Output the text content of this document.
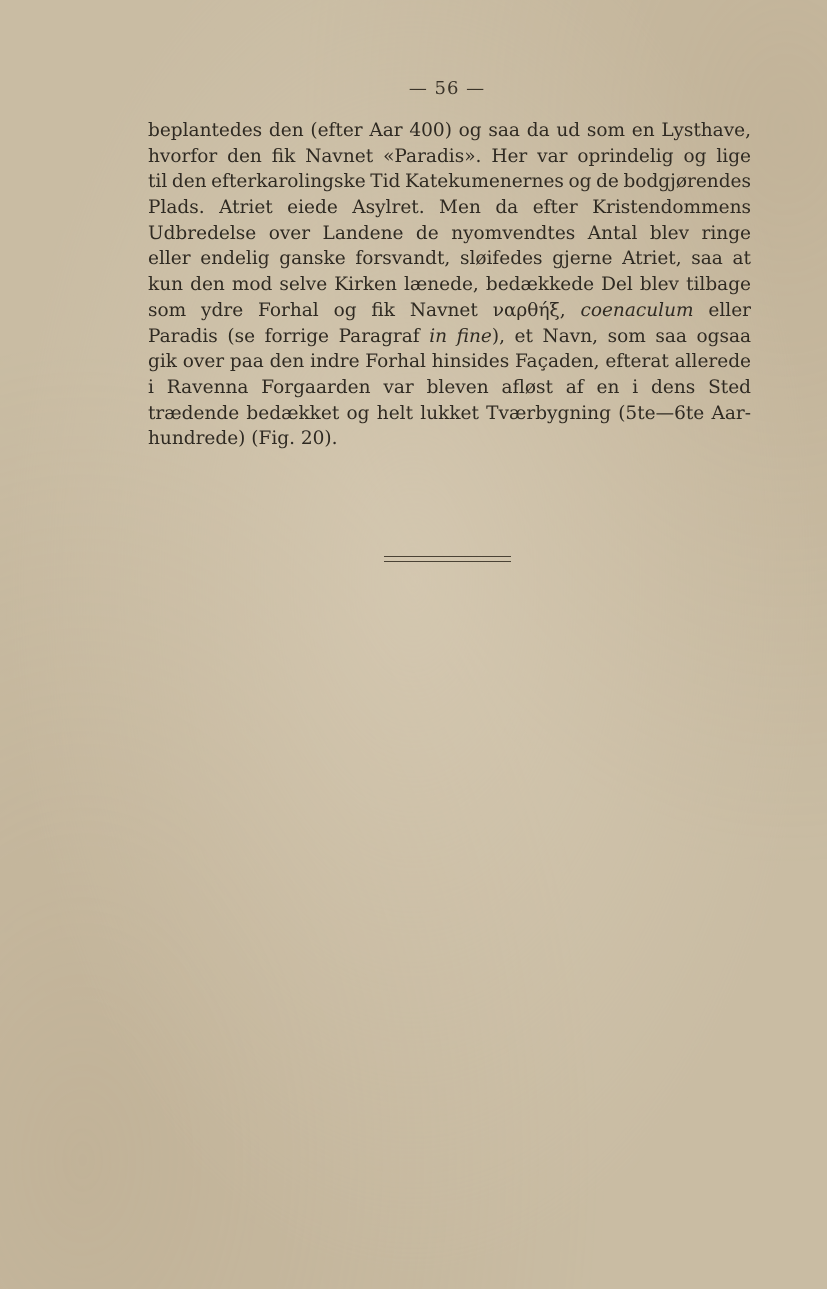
— 56 —
beplantedes den (efter Aar 400) og saa da ud som en Lysthave,
hvorfor den fik Navnet «Paradis». Her var oprindelig og lige
til den efterkarolingske Tid Katekumenernes og de bodgjørendes
Plads. Atriet eiede Asylret. Men da efter Kristendommens
Udbredelse over Landene de nyomvendtes Antal blev ringe
eller endelig ganske forsvandt, sløifedes gjerne Atriet, saa at
kun den mod selve Kirken lænede, bedækkede Del blev tilbage
som ydre Forhal og fik Navnet ναρθήξ, coenaculum eller
Paradis (se forrige Paragraf in fine), et Navn, som saa ogsaa
gik over paa den indre Forhal hinsides Façaden, efterat allerede
i Ravenna Forgaarden var bleven afløst af en i dens Sted
trædende bedækket og helt lukket Tværbygning (5te—6te Aar-
hundrede) (Fig. 20).
